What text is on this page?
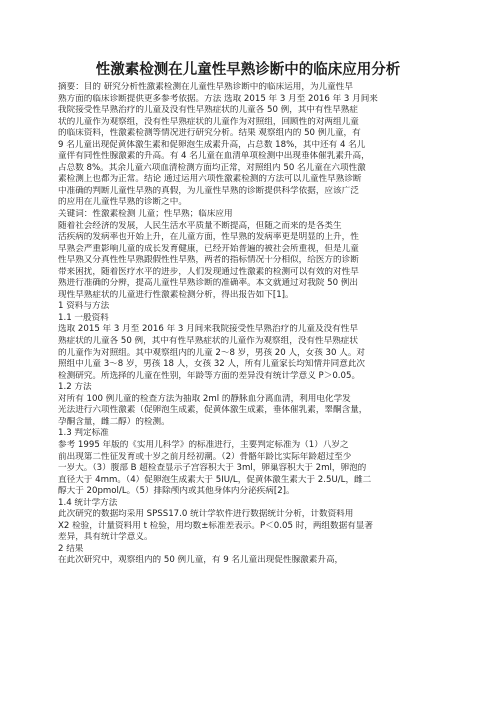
性激素检测在儿童性早熟诊断中的临床应用分析
摘要：目的 研究分析性激素检测在儿童性早熟诊断中的临床运用，为儿童性早
熟方面的临床诊断提供更多参考依据。方法 选取 2015 年 3 月至 2016 年 3 月间来
我院接受性早熟治疗的儿童及没有性早熟症状的儿童各 50 例，其中有性早熟症
状的儿童作为观察组，没有性早熟症状的儿童作为对照组，回顾性的对两组儿童
的临床资料，性激素检测等情况进行研究分析。结果 观察组内的 50 例儿童，有
9 名儿童出现促黄体激生素和促卵泡生成素升高，占总数 18%，其中还有 4 名儿
童伴有同性性腺激素的升高。有 4 名儿童在血清单项检测中出现垂体催乳素升高，
占总数 8%。其余儿童六项血清检测方面均正常，对照组内 50 名儿童在六项性激
素检测上也都为正常。结论 通过运用六项性激素检测的方法可以儿童性早熟诊断
中准确的判断儿童性早熟的真假，为儿童性早熟的诊断提供科学依据，应该广泛
的应用在儿童性早熟的诊断之中。
关键词：性激素检测 儿童；性早熟；临床应用
随着社会经济的发展，人民生活水平质量不断提高，但随之而来的是各类生
活疾病的发病率也开始上升，在儿童方面，性早熟的发病率更是明显的上升，性
早熟会严重影响儿童的成长发育健康，已经开始普遍的被社会所重视，但是儿童
性早熟又分真性性早熟跟假性性早熟，两者的指标情况十分相似，给医方的诊断
带来困扰，随着医疗水平的进步，人们发现通过性激素的检测可以有效的对性早
熟进行准确的分辨，提高儿童性早熟诊断的准确率。本文就通过对我院 50 例出
现性早熟症状的儿童进行性激素检测分析，得出报告如下[1]。
1 资料与方法
1.1 一般资料
选取 2015 年 3 月至 2016 年 3 月间来我院接受性早熟治疗的儿童及没有性早
熟症状的儿童各 50 例，其中有性早熟症状的儿童作为观察组，没有性早熟症状
的儿童作为对照组。其中观察组内的儿童 2～8 岁，男孩 20 人，女孩 30 人。对
照组中儿童 3～8 岁，男孩 18 人，女孩 32 人，所有儿童家长均知情并同意此次
检测研究。所选择的儿童在性别，年龄等方面的差异没有统计学意义 P＞0.05。
1.2 方法
对所有 100 例儿童的检查方法为抽取 2ml 的静脉血分离血清，利用电化学发
光法进行六项性激素（促卵泡生成素，促黄体激生成素，垂体催乳素，睾酮含量，
孕酮含量，雌二醇）的检测。
1.3 判定标准
参考 1995 年版的《实用儿科学》的标准进行，主要判定标准为（1）八岁之
前出现第二性征发育或十岁之前月经初潮。（2）骨骼年龄比实际年龄超过至少
一岁大。（3）腹部 B 超检查显示子宫容积大于 3ml，卵巢容积大于 2ml，卵泡的
直径大于 4mm。（4）促卵泡生成素大于 5IU/L，促黄体激生素大于 2.5U/L，雌二
醇大于 20pmol/L。（5）排除颅内或其他身体内分泌疾病[2]。
1.4 统计学方法
此次研究的数据均采用 SPSS17.0 统计学软件进行数据统计分析，计数资料用
X2 检验，计量资料用 t 检验，用均数±标准差表示。P＜0.05 时，两组数据有显著
差异，具有统计学意义。
2 结果
在此次研究中，观察组内的 50 例儿童，有 9 名儿童出现促性腺激素升高，
